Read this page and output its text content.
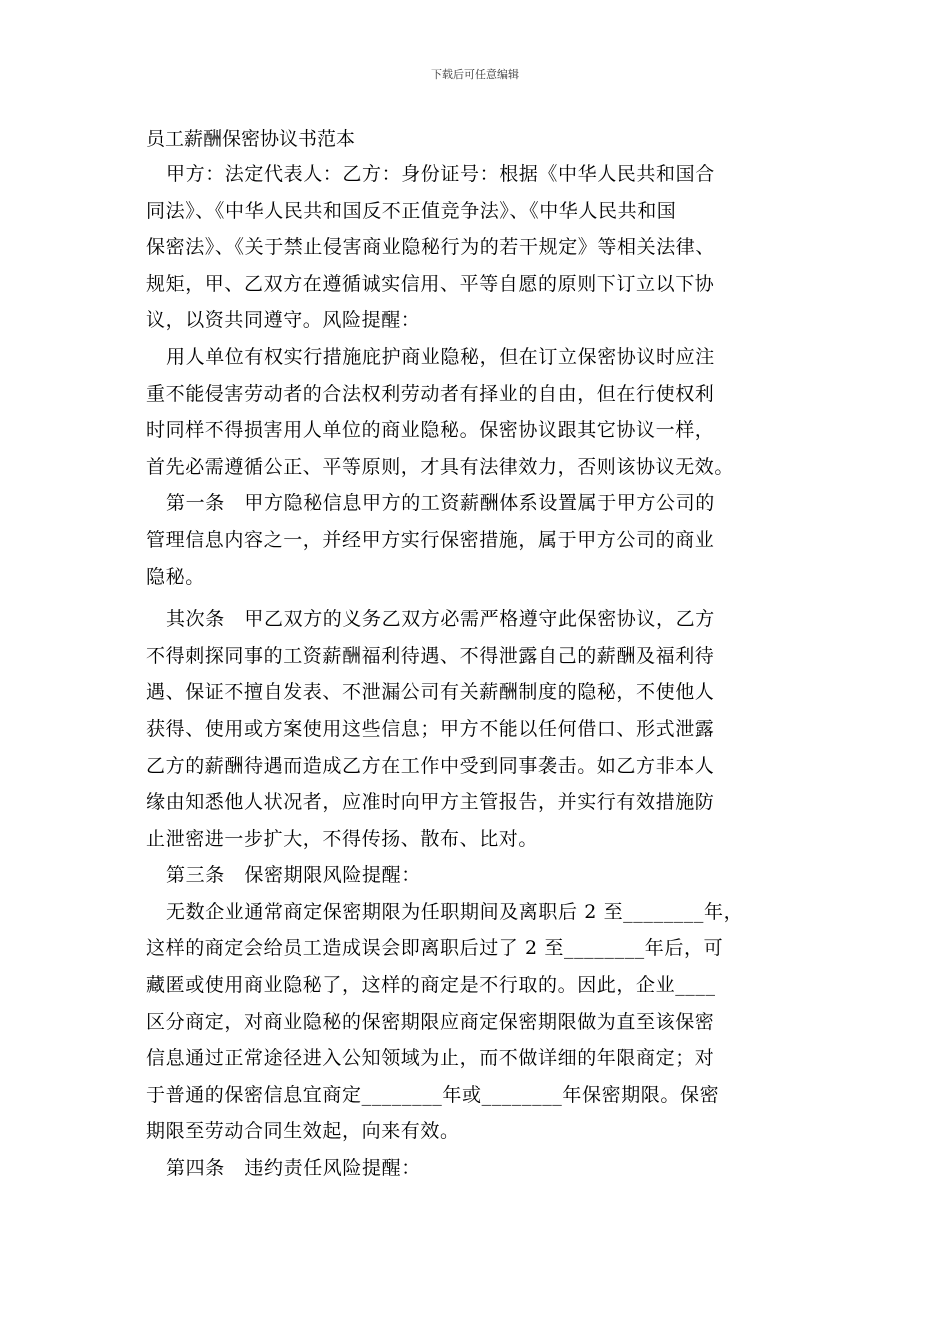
下载后可任意编辑
员工薪酬保密协议书范本
甲方：法定代表人：乙方：身份证号：根据《中华人民共和国合
同法》、《中华人民共和国反不正值竞争法》、《中华人民共和国
保密法》、《关于禁止侵害商业隐秘行为的若干规定》等相关法律、
规矩，甲、乙双方在遵循诚实信用、平等自愿的原则下订立以下协
议，以资共同遵守。风险提醒：
用人单位有权实行措施庇护商业隐秘，但在订立保密协议时应注
重不能侵害劳动者的合法权利劳动者有择业的自由，但在行使权利
时同样不得损害用人单位的商业隐秘。保密协议跟其它协议一样，
首先必需遵循公正、平等原则，才具有法律效力，否则该协议无效。
第一条　甲方隐秘信息甲方的工资薪酬体系设置属于甲方公司的
管理信息内容之一，并经甲方实行保密措施，属于甲方公司的商业
隐秘。
其次条　甲乙双方的义务乙双方必需严格遵守此保密协议，乙方
不得刺探同事的工资薪酬福利待遇、不得泄露自己的薪酬及福利待
遇、保证不擅自发表、不泄漏公司有关薪酬制度的隐秘，不使他人
获得、使用或方案使用这些信息；甲方不能以任何借口、形式泄露
乙方的薪酬待遇而造成乙方在工作中受到同事袭击。如乙方非本人
缘由知悉他人状况者，应准时向甲方主管报告，并实行有效措施防
止泄密进一步扩大，不得传扬、散布、比对。
第三条　保密期限风险提醒：
无数企业通常商定保密期限为任职期间及离职后 2 至________年，
这样的商定会给员工造成误会即离职后过了 2 至________年后，可
藏匿或使用商业隐秘了，这样的商定是不行取的。因此，企业____
区分商定，对商业隐秘的保密期限应商定保密期限做为直至该保密
信息通过正常途径进入公知领域为止，而不做详细的年限商定；对
于普通的保密信息宜商定________年或________年保密期限。保密
期限至劳动合同生效起，向来有效。
第四条　违约责任风险提醒：
